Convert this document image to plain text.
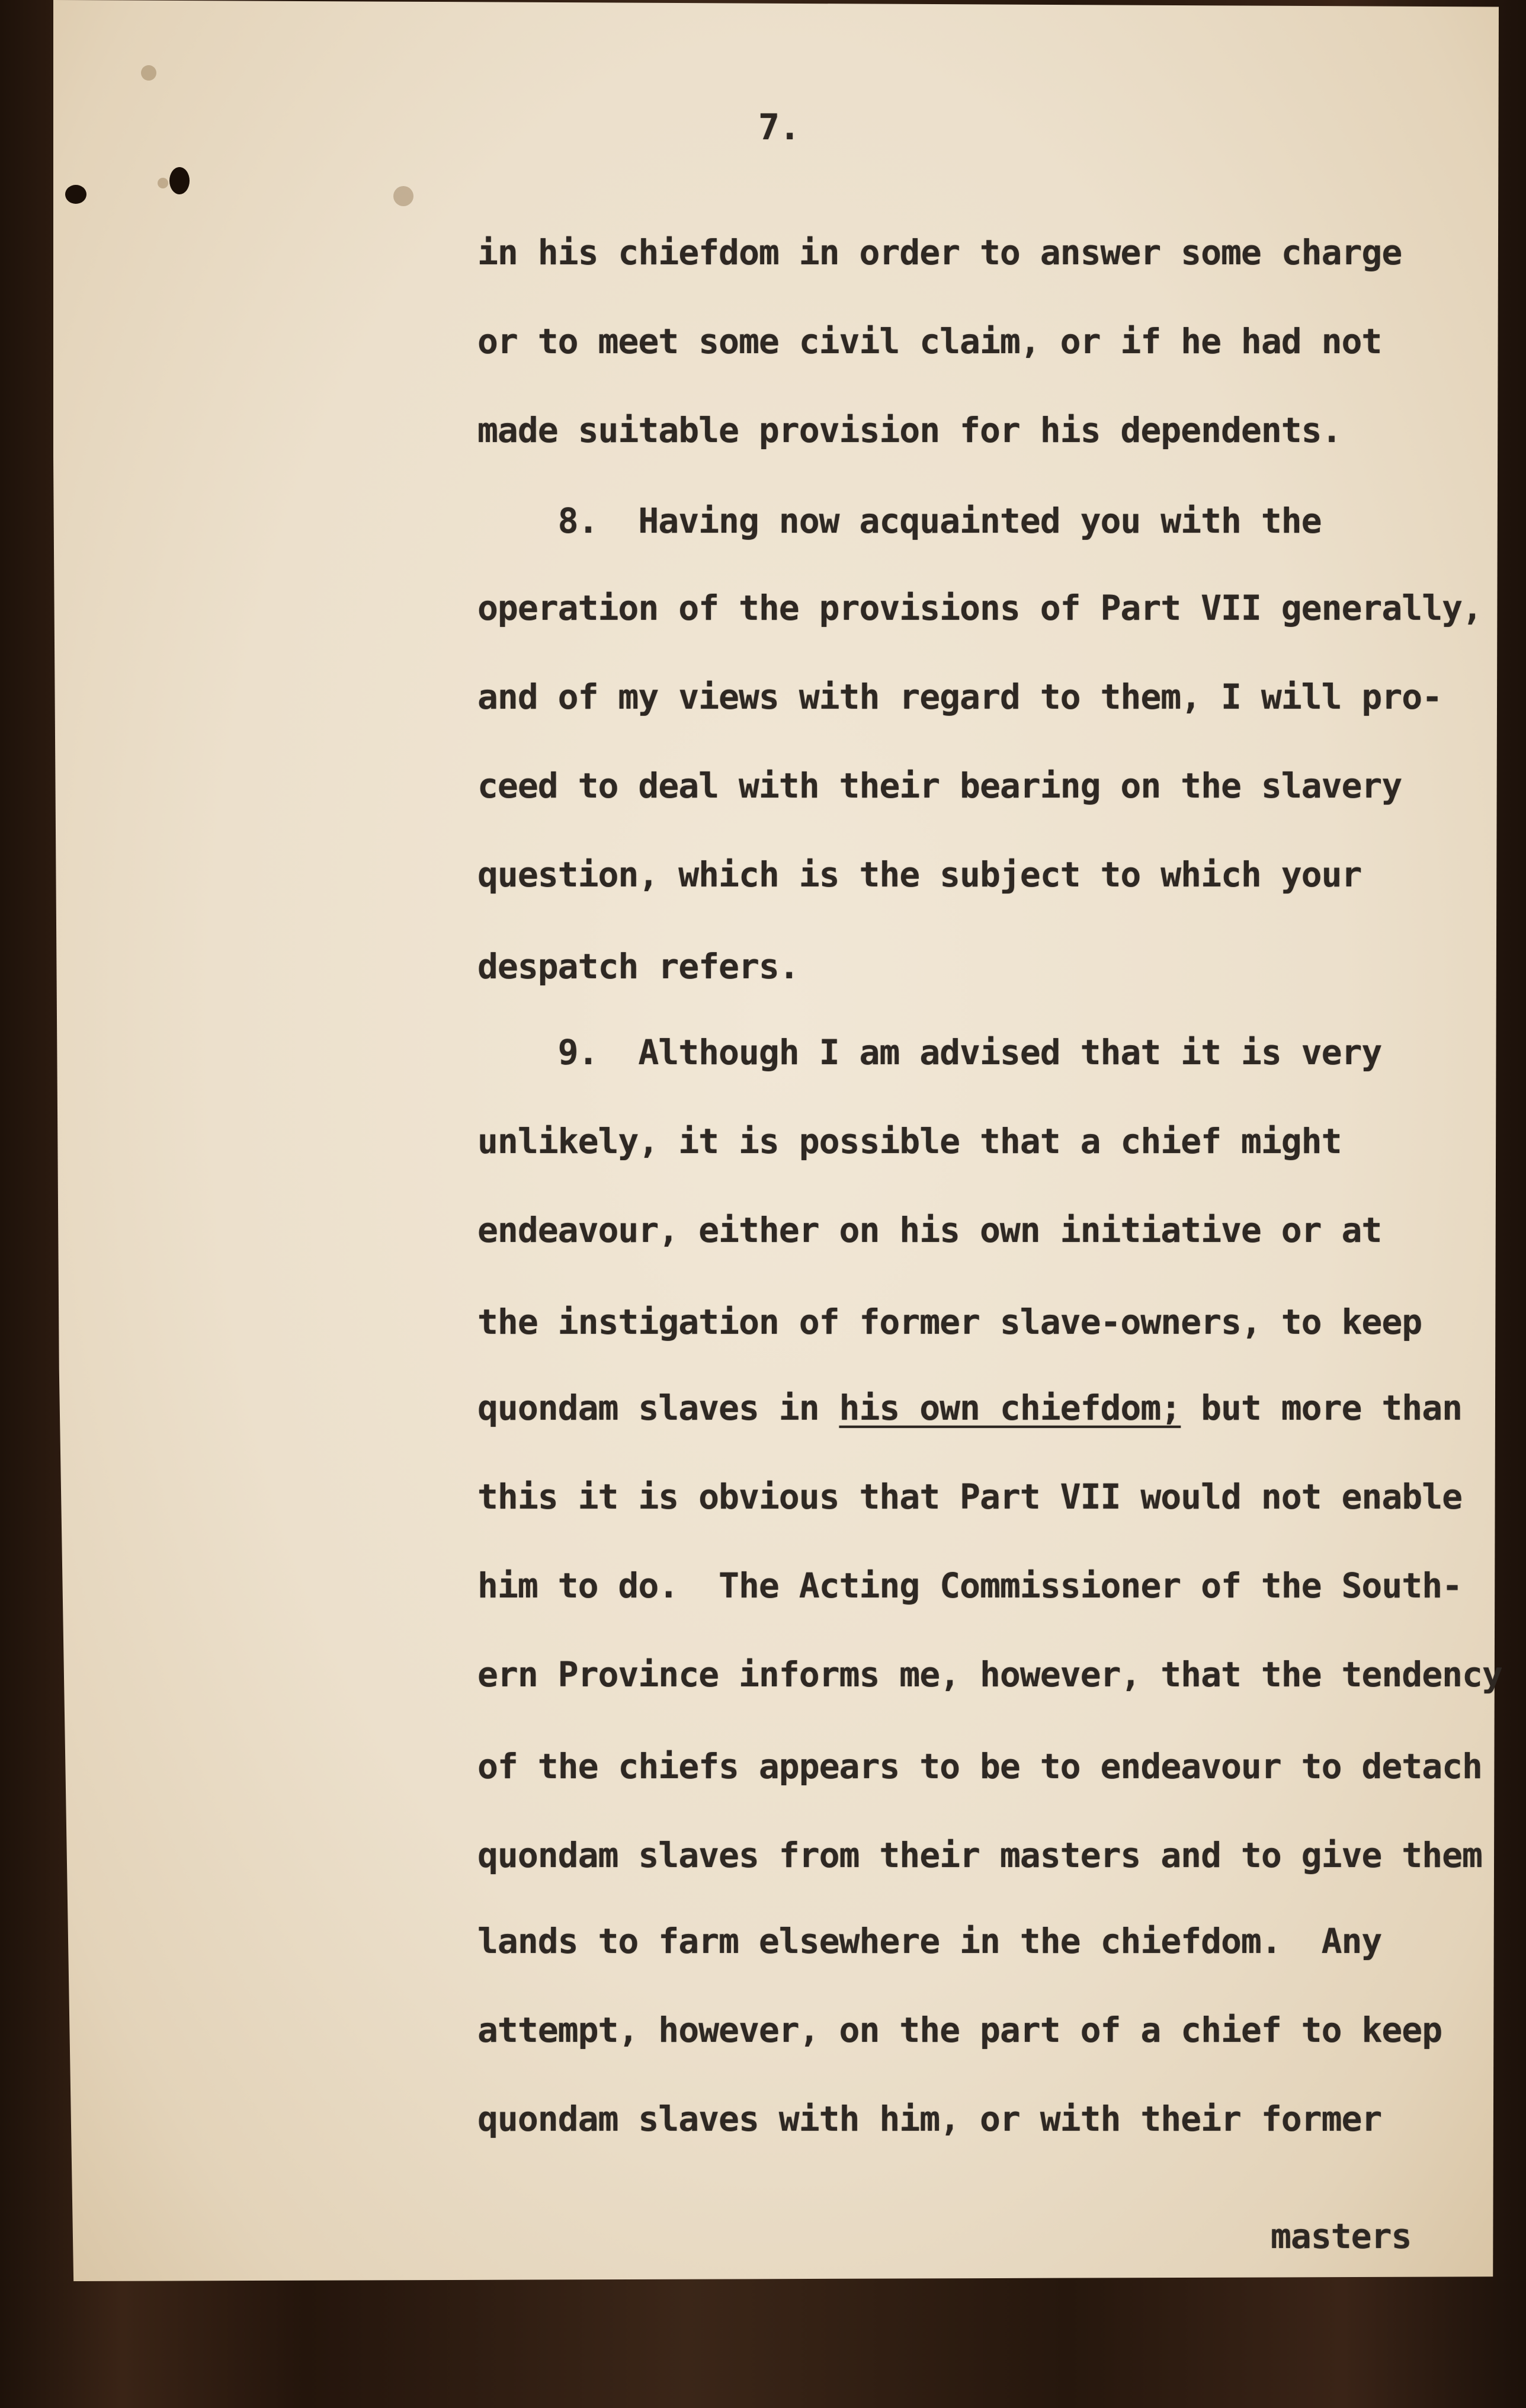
7.
in his chiefdom in order to answer some charge
or to meet some civil claim, or if he had not
made suitable provision for his dependents.
8.  Having now acquainted you with the
operation of the provisions of Part VII generally,
and of my views with regard to them, I will pro-
ceed to deal with their bearing on the slavery
question, which is the subject to which your
despatch refers.
9.  Although I am advised that it is very
unlikely, it is possible that a chief might
endeavour, either on his own initiative or at
the instigation of former slave-owners, to keep
quondam slaves in his own chiefdom; but more than
this it is obvious that Part VII would not enable
him to do.  The Acting Commissioner of the South-
ern Province informs me, however, that the tendency
of the chiefs appears to be to endeavour to detach
quondam slaves from their masters and to give them
lands to farm elsewhere in the chiefdom.  Any
attempt, however, on the part of a chief to keep
quondam slaves with him, or with their former
masters
